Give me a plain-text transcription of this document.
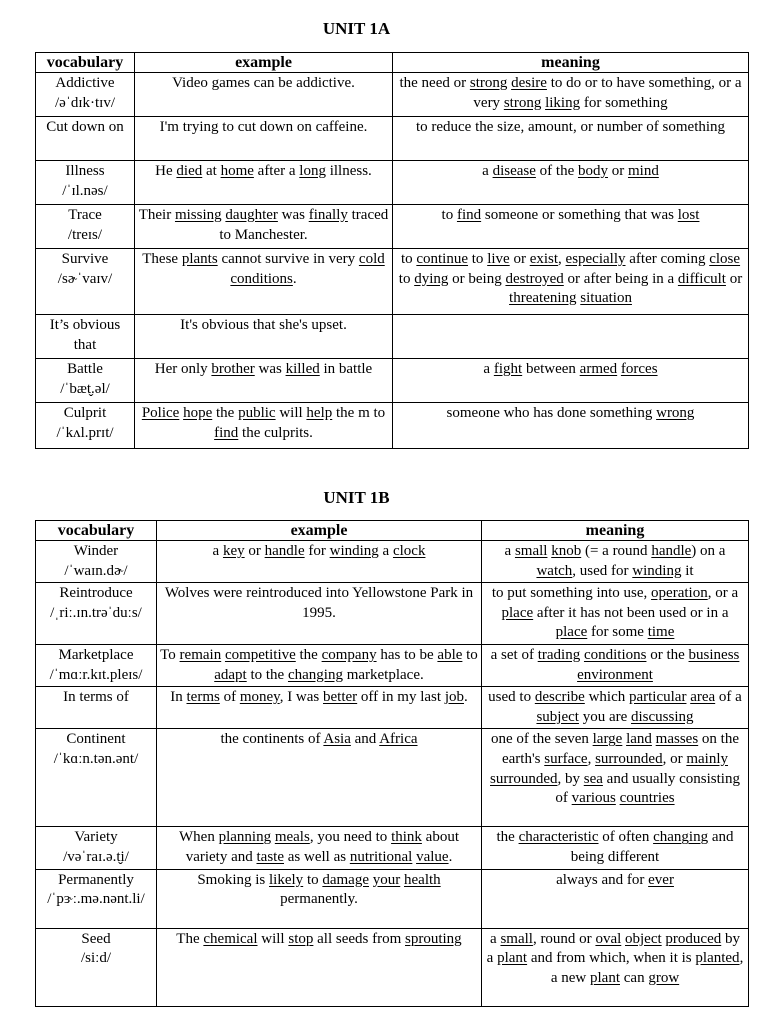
UNIT 1A
vocabulary	example	meaning

Addictive
/əˈdɪk·tɪv/	Video games can be addictive.	the need or strong desire to do or to have something, or a very strong liking for something

Cut down on	I'm trying to cut down on caffeine.	to reduce the size, amount, or number of something

Illness
/ˈɪl.nəs/	He died at home after a long illness.	a disease of the body or mind

Trace
/treɪs/	Their missing daughter was finally traced to Manchester.	to find someone or something that was lost

Survive
/sɚˈvaɪv/	These plants cannot survive in very cold conditions.	to continue to live or exist, especially after coming close to dying or being destroyed or after being in a difficult or threatening situation

It’s obvious that	It's obvious that she's upset.	

Battle
/ˈbæt̬.əl/	Her only brother was killed in battle	a fight between armed forces

Culprit
/ˈkʌl.prɪt/	Police hope the public will help the m to find the culprits.	someone who has done something wrong
UNIT 1B
vocabulary	example	meaning

Winder
/ˈwaɪn.dɚ/	a key or handle for winding a clock	a small knob (= a round handle) on a watch, used for winding it

Reintroduce
/ˌriː.ɪn.trəˈduːs/	Wolves were reintroduced into Yellowstone Park in 1995.	to put something into use, operation, or a place after it has not been used or in a place for some time

Marketplace
/ˈmɑːr.kɪt.pleɪs/	To remain competitive the company has to be able to adapt to the changing marketplace.	a set of trading conditions or the business environment

In terms of	In terms of money, I was better off in my last job.	used to describe which particular area of a subject you are discussing

Continent
/ˈkɑːn.tən.ənt/	the continents of Asia and Africa	one of the seven large land masses on the earth's surface, surrounded, or mainly surrounded, by sea and usually consisting of various countries

Variety
/vəˈraɪ.ə.t̬i/	When planning meals, you need to think about variety and taste as well as nutritional value.	the characteristic of often changing and being different

Permanently
/ˈpɝː.mə.nənt.li/	Smoking is likely to damage your health permanently.	always and for ever

Seed
/siːd/	The chemical will stop all seeds from sprouting	a small, round or oval object produced by a plant and from which, when it is planted, a new plant can grow
